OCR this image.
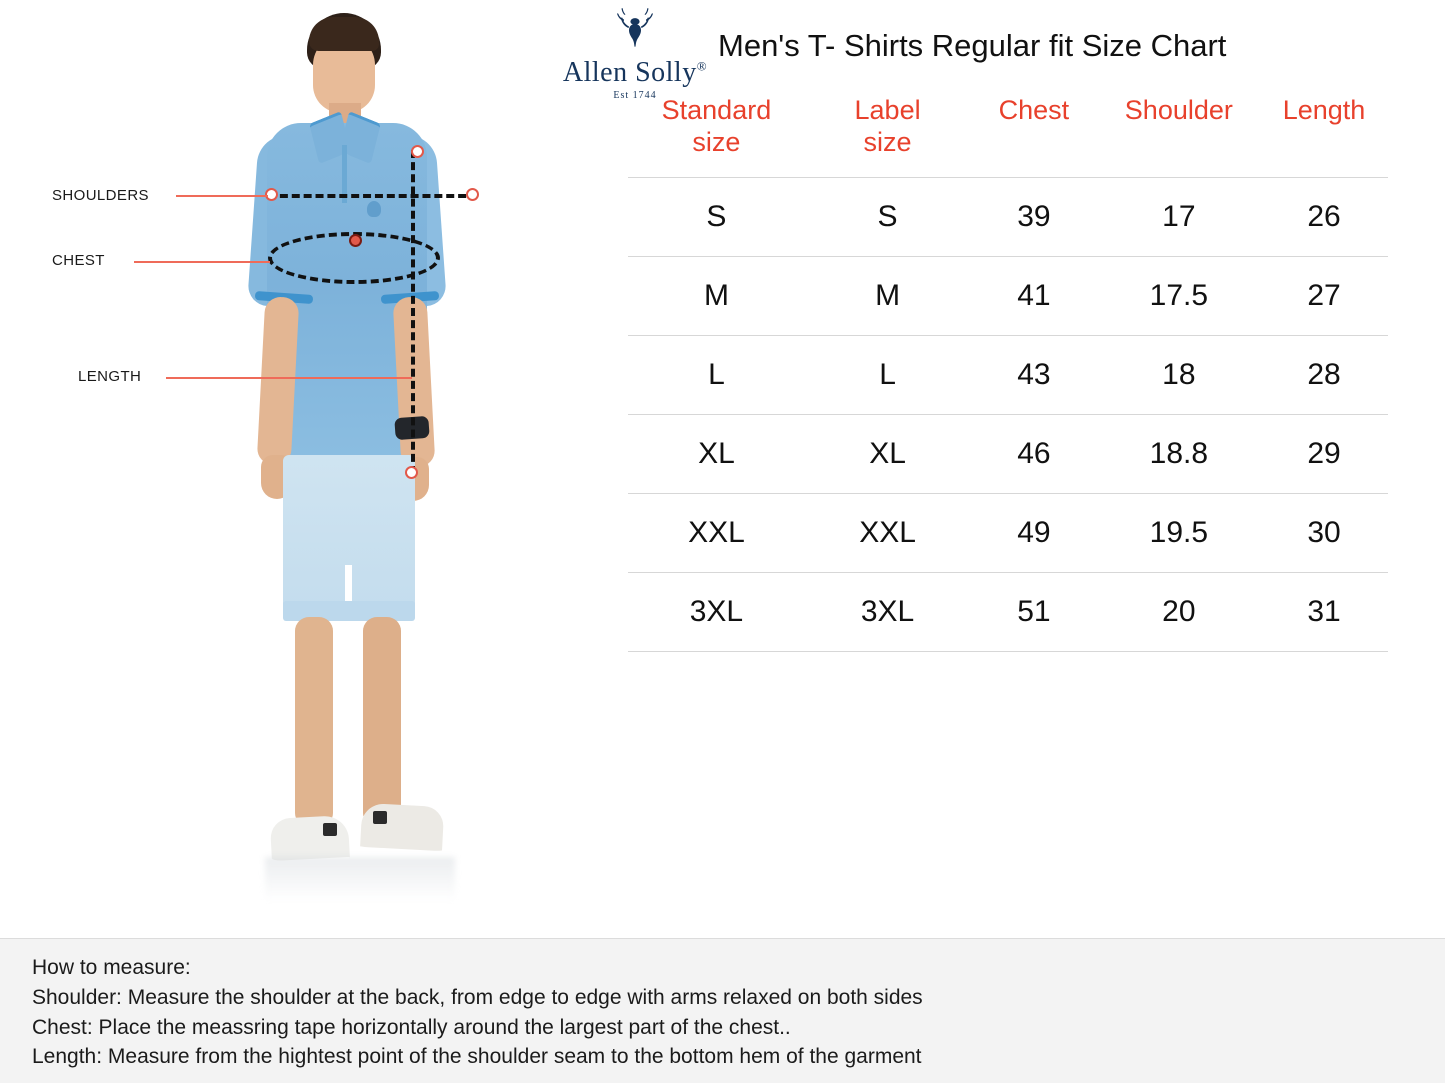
SHOULDERS
CHEST
LENGTH
Allen Solly®
Est 1744
Men's T- Shirts Regular fit Size Chart
Standard size	Label size	Chest	Shoulder	Length

S	S	39	17	26
M	M	41	17.5	27
L	L	43	18	28
XL	XL	46	18.8	29
XXL	XXL	49	19.5	30
3XL	3XL	51	20	31
How to measure:
Shoulder: Measure the shoulder at the back, from edge to edge with arms relaxed on both sides
Chest: Place the meassring tape horizontally around the largest part of the chest..
Length: Measure from the hightest point of the shoulder seam to the bottom hem of the garment
